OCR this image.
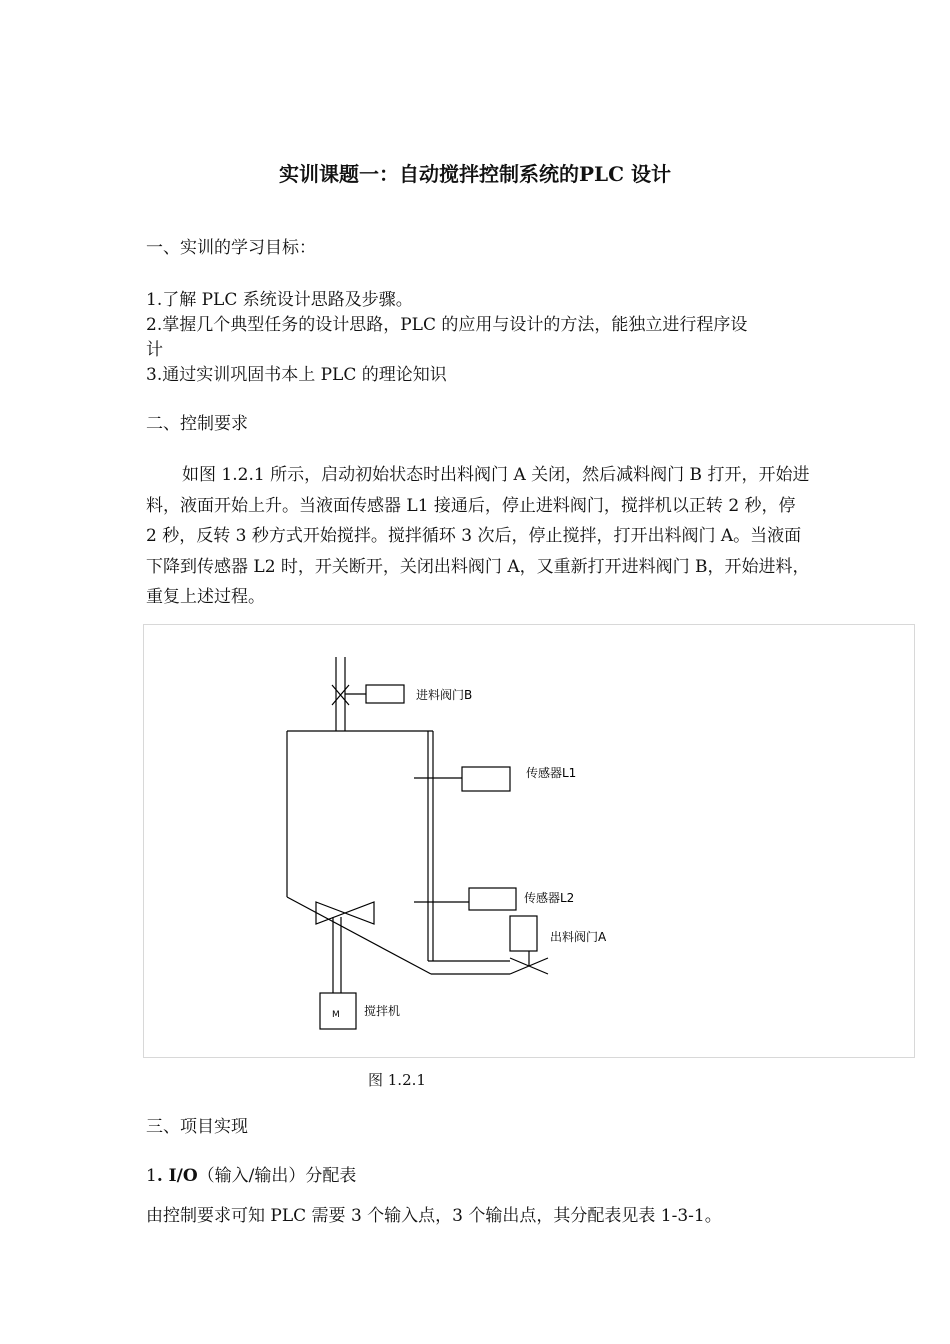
实训课题一：自动搅拌控制系统的PLC 设计

一、实训的学习目标：

1.了解 PLC 系统设计思路及步骤。

2.掌握几个典型任务的设计思路，PLC 的应用与设计的方法，能独立进行程序设

计

3.通过实训巩固书本上 PLC 的理论知识

二、控制要求

如图 1.2.1 所示，启动初始状态时出料阀门 A 关闭，然后减料阀门 B 打开，开始进料，液面开始上升。当液面传感器 L1 接通后，停止进料阀门，搅拌机以正转 2 秒，停 2 秒，反转 3 秒方式开始搅拌。搅拌循环 3 次后，停止搅拌，打开出料阀门 A。当液面下降到传感器 L2 时，开关断开，关闭出料阀门 A，又重新打开进料阀门 B，开始进料，重复上述过程。

进料阀门B
传感器L1
传感器L2
出料阀门A
M 搅拌机

图 1.2.1

三、项目实现

1. I/O（输入/输出）分配表

由控制要求可知 PLC 需要 3 个输入点，3 个输出点，其分配表见表 1-3-1。
